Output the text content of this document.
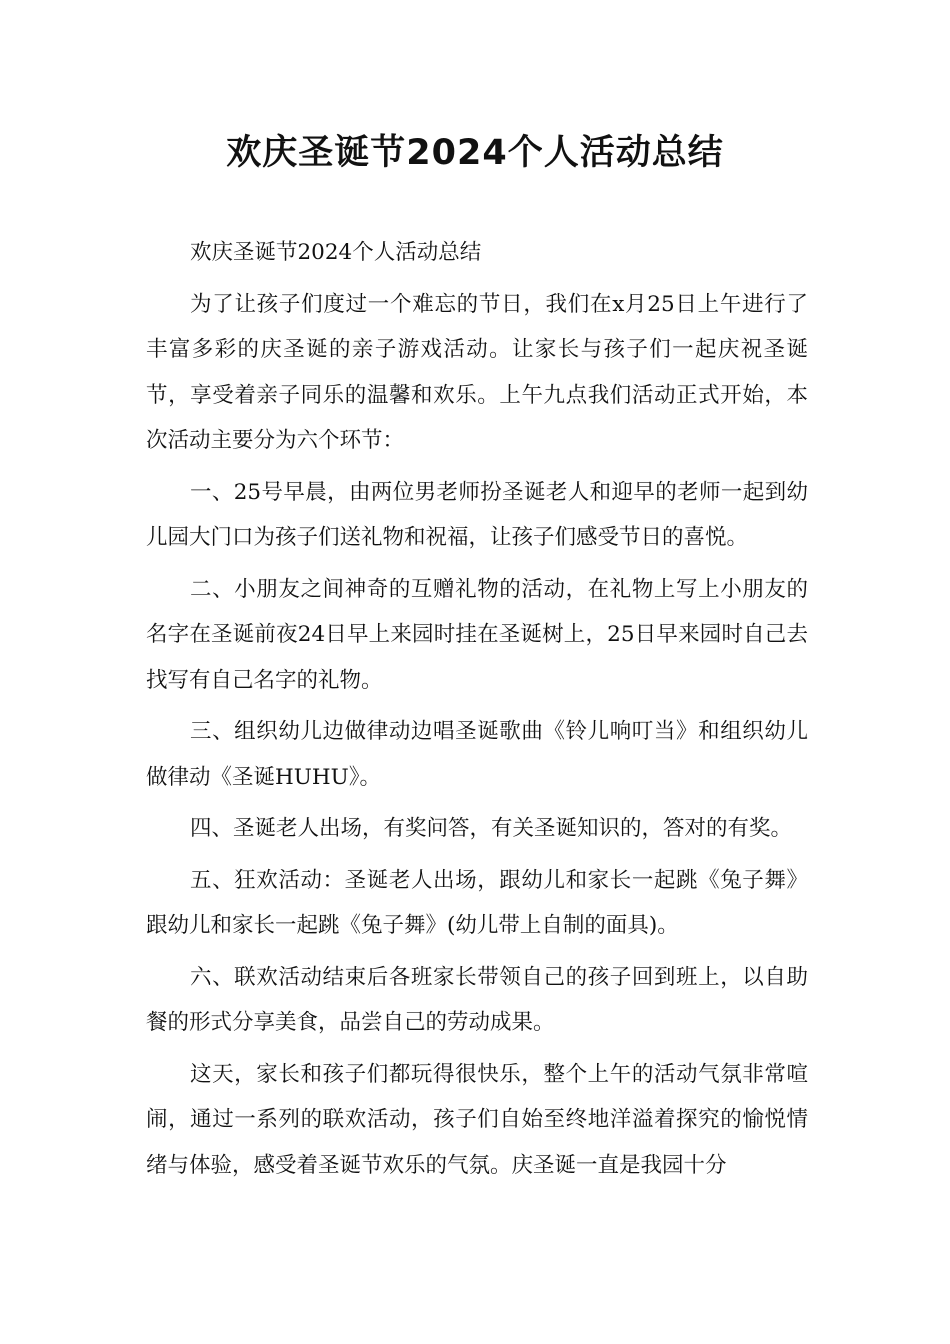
欢庆圣诞节2024个人活动总结

欢庆圣诞节2024个人活动总结

为了让孩子们度过一个难忘的节日，我们在x月25日上午进行了丰富多彩的庆圣诞的亲子游戏活动。让家长与孩子们一起庆祝圣诞节，享受着亲子同乐的温馨和欢乐。上午九点我们活动正式开始，本次活动主要分为六个环节：

一、25号早晨，由两位男老师扮圣诞老人和迎早的老师一起到幼儿园大门口为孩子们送礼物和祝福，让孩子们感受节日的喜悦。

二、小朋友之间神奇的互赠礼物的活动，在礼物上写上小朋友的名字在圣诞前夜24日早上来园时挂在圣诞树上，25日早来园时自己去找写有自己名字的礼物。

三、组织幼儿边做律动边唱圣诞歌曲《铃儿响叮当》和组织幼儿做律动《圣诞HUHU》。

四、圣诞老人出场，有奖问答，有关圣诞知识的，答对的有奖。

五、狂欢活动：圣诞老人出场，跟幼儿和家长一起跳《兔子舞》跟幼儿和家长一起跳《兔子舞》(幼儿带上自制的面具)。

六、联欢活动结束后各班家长带领自己的孩子回到班上，以自助餐的形式分享美食，品尝自己的劳动成果。

这天，家长和孩子们都玩得很快乐，整个上午的活动气氛非常喧闹，通过一系列的联欢活动，孩子们自始至终地洋溢着探究的愉悦情绪与体验，感受着圣诞节欢乐的气氛。庆圣诞一直是我园十分
